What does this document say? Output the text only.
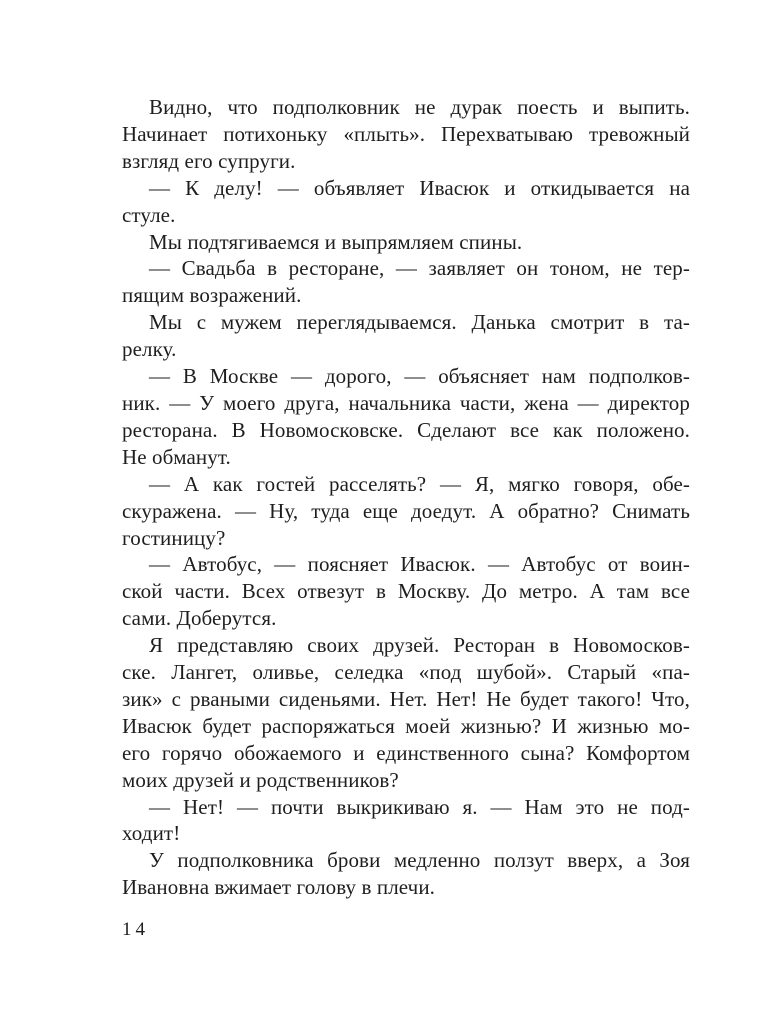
Видно, что подполковник не дурак поесть и выпить.
Начинает потихоньку «плыть». Перехватываю тревожный
взгляд его супруги.
— К делу! — объявляет Ивасюк и откидывается на
стуле.
Мы подтягиваемся и выпрямляем спины.
— Свадьба в ресторане, — заявляет он тоном, не тер-
пящим возражений.
Мы с мужем переглядываемся. Данька смотрит в та-
релку.
— В Москве — дорого, — объясняет нам подполков-
ник. — У моего друга, начальника части, жена — директор
ресторана. В Новомосковске. Сделают все как положено.
Не обманут.
— А как гостей расселять? — Я, мягко говоря, обе-
скуражена. — Ну, туда еще доедут. А обратно? Снимать
гостиницу?
— Автобус, — поясняет Ивасюк. — Автобус от воин-
ской части. Всех отвезут в Москву. До метро. А там все
сами. Доберутся.
Я представляю своих друзей. Ресторан в Новомосков-
ске. Лангет, оливье, селедка «под шубой». Старый «па-
зик» с рваными сиденьями. Нет. Нет! Не будет такого! Что,
Ивасюк будет распоряжаться моей жизнью? И жизнью мо-
его горячо обожаемого и единственного сына? Комфортом
моих друзей и родственников?
— Нет! — почти выкрикиваю я. — Нам это не под-
ходит!
У подполковника брови медленно ползут вверх, а Зоя
Ивановна вжимает голову в плечи.
14
